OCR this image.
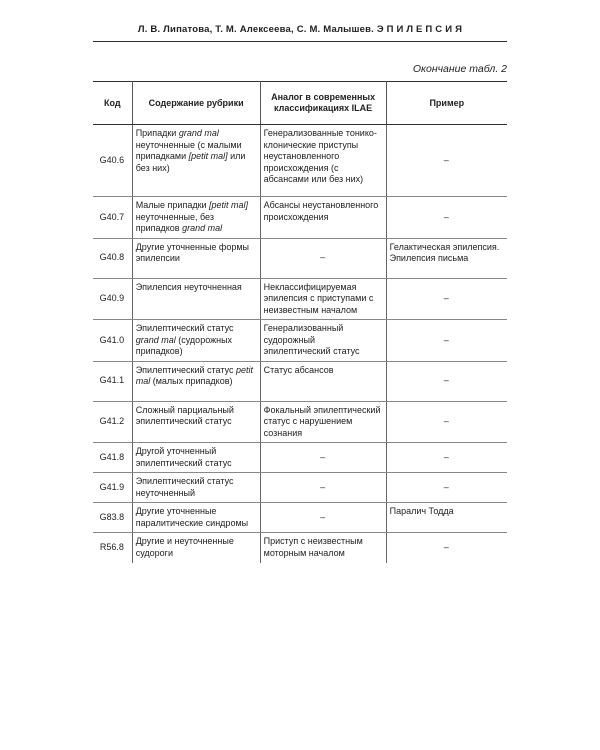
Л. В. Липатова, Т. М. Алексеева, С. М. Малышев. Э П И Л Е П С И Я
Окончание табл. 2
Код	Содержание рубрики	Аналог в современных классификациях ILAE	Пример
G40.6	Припадки grand mal неуточненные (с малыми припадками [petit mal] или без них)	Генерализованные тонико-клонические приступы неустановленного происхождения (с абсансами или без них)	–
G40.7	Малые припадки [petit mal] неуточненные, без припадков grand mal	Абсансы неустановленного происхождения	–
G40.8	Другие уточненные формы эпилепсии	–	Гелактическая эпилепсия. Эпилепсия письма
G40.9	Эпилепсия неуточненная	Неклассифицируемая эпилепсия с приступами с неизвестным началом	–
G41.0	Эпилептический статус grand mal (судорожных припадков)	Генерализованный судорожный эпилептический статус	–
G41.1	Эпилептический статус petit mal (малых припадков)	Статус абсансов	–
G41.2	Сложный парциальный эпилептический статус	Фокальный эпилептический статус с нарушением сознания	–
G41.8	Другой уточненный эпилептический статус	–	–
G41.9	Эпилептический статус неуточненный	–	–
G83.8	Другие уточненные паралитические синдромы	–	Паралич Тодда
R56.8	Другие и неуточненные судороги	Приступ с неизвестным моторным началом	–
